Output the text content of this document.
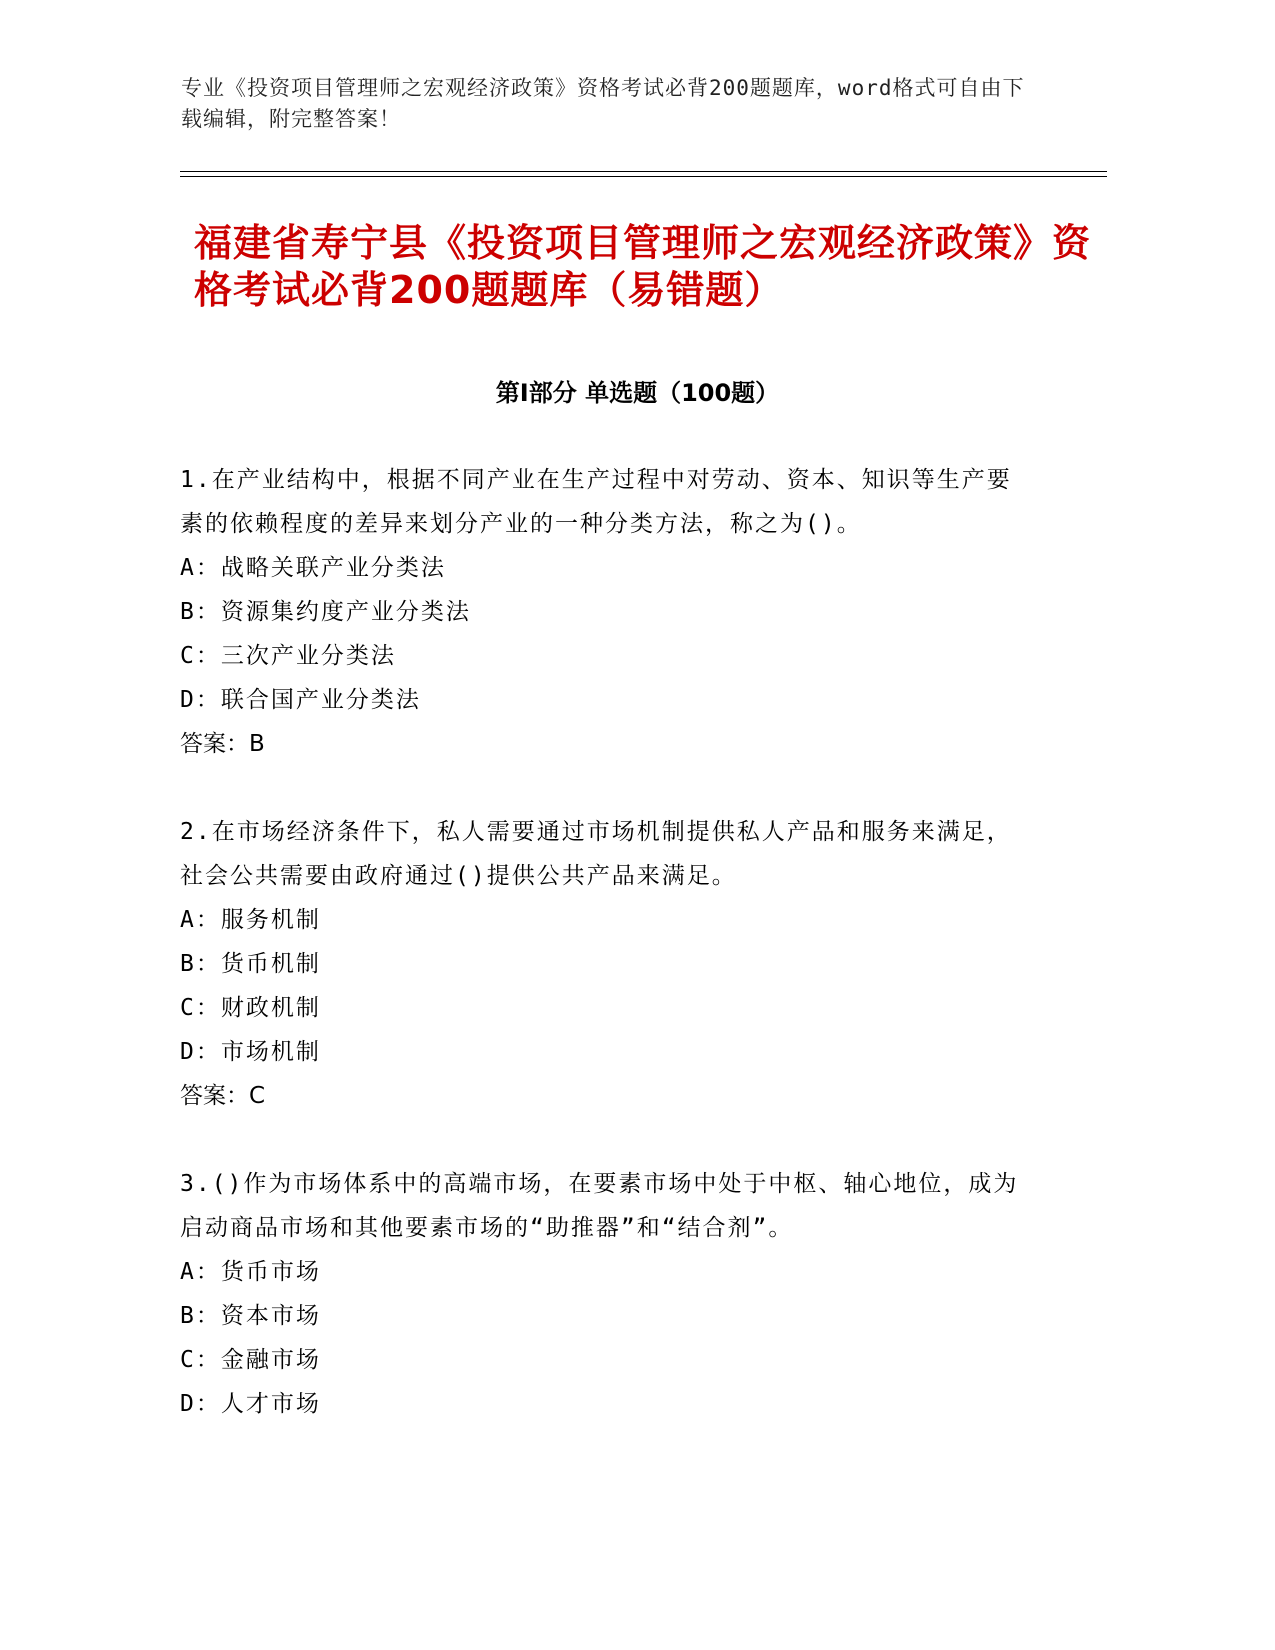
专业《投资项目管理师之宏观经济政策》资格考试必背200题题库，word格式可自由下载编辑，附完整答案！
福建省寿宁县《投资项目管理师之宏观经济政策》资格考试必背200题题库（易错题）
第I部分 单选题（100题）

1.在产业结构中，根据不同产业在生产过程中对劳动、资本、知识等生产要素的依赖程度的差异来划分产业的一种分类方法，称之为()。

A：战略关联产业分类法

B：资源集约度产业分类法

C：三次产业分类法

D：联合国产业分类法

答案：B

2.在市场经济条件下，私人需要通过市场机制提供私人产品和服务来满足，社会公共需要由政府通过()提供公共产品来满足。

A：服务机制

B：货币机制

C：财政机制

D：市场机制

答案：C

3.()作为市场体系中的高端市场，在要素市场中处于中枢、轴心地位，成为启动商品市场和其他要素市场的“助推器”和“结合剂”。

A：货币市场

B：资本市场

C：金融市场

D：人才市场
